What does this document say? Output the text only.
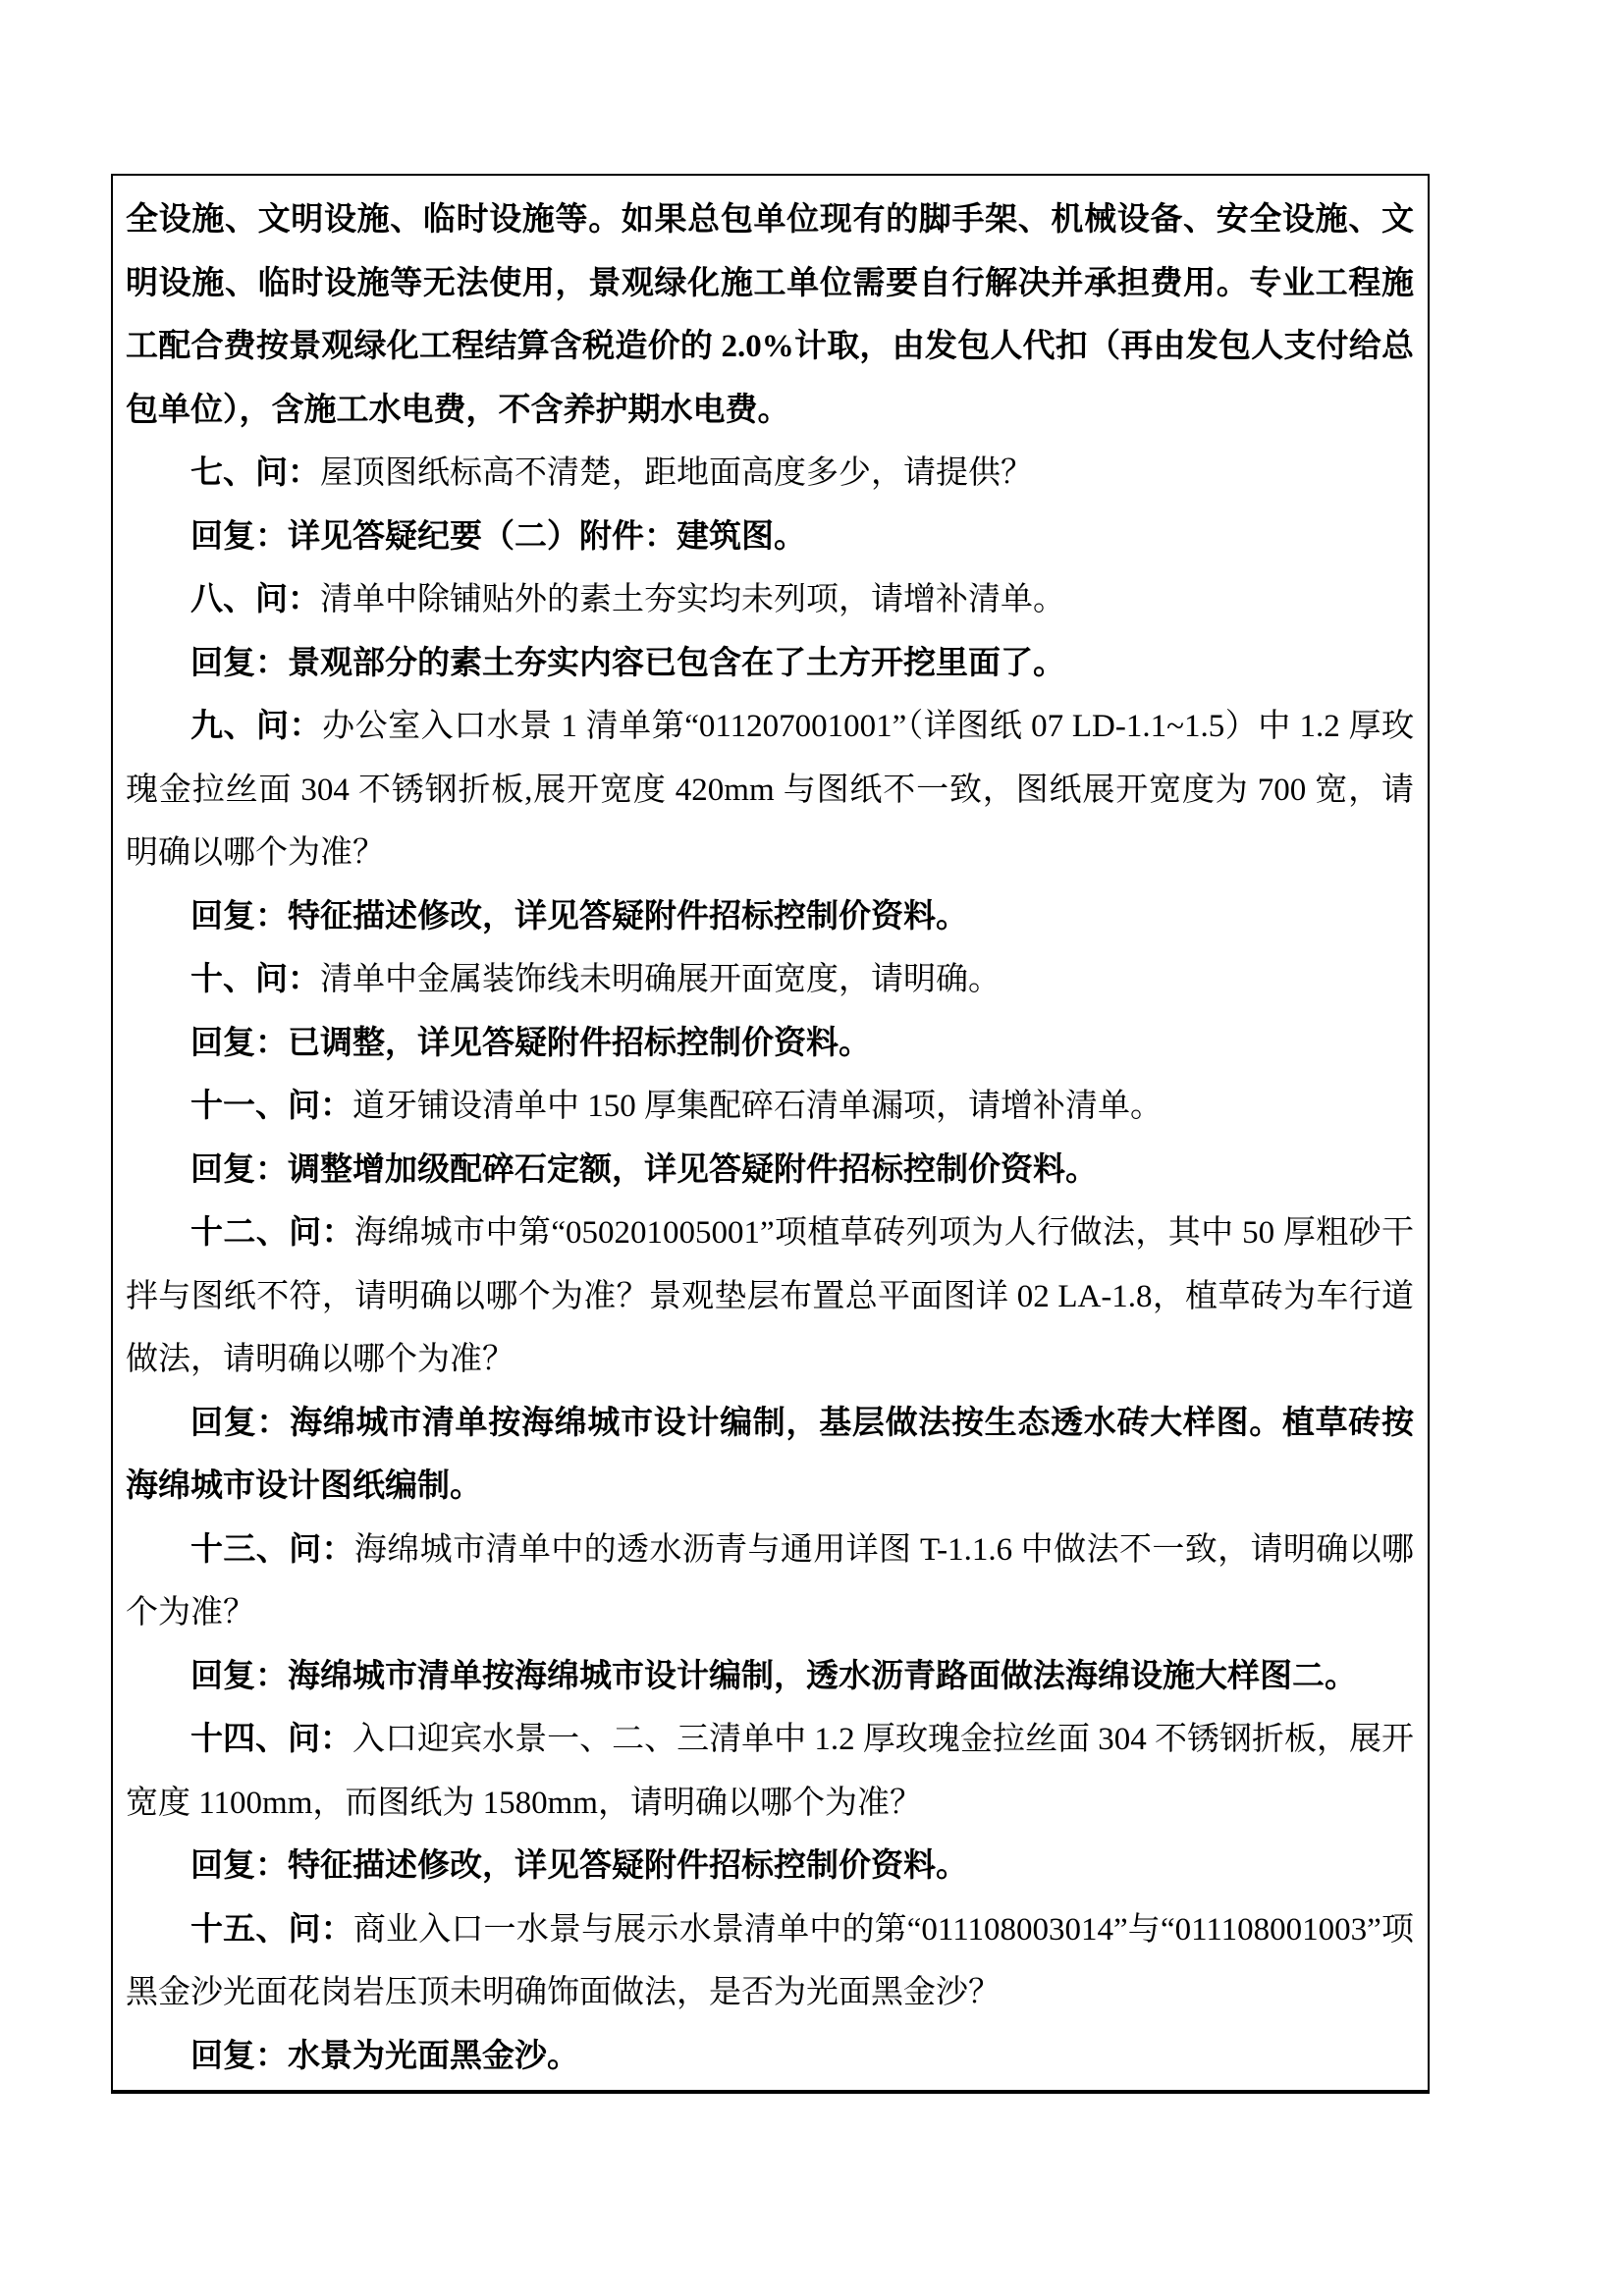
全设施、文明设施、临时设施等。如果总包单位现有的脚手架、机械设备、安全设施、文明设施、临时设施等无法使用，景观绿化施工单位需要自行解决并承担费用。专业工程施工配合费按景观绿化工程结算含税造价的 2.0%计取，由发包人代扣（再由发包人支付给总包单位），含施工水电费，不含养护期水电费。

七、问：屋顶图纸标高不清楚，距地面高度多少，请提供？

回复：详见答疑纪要（二）附件：建筑图。

八、问：清单中除铺贴外的素土夯实均未列项，请增补清单。

回复：景观部分的素土夯实内容已包含在了土方开挖里面了。

九、问：办公室入口水景 1 清单第“011207001001”（详图纸 07 LD-1.1~1.5）中 1.2 厚玫瑰金拉丝面 304 不锈钢折板,展开宽度 420mm 与图纸不一致，图纸展开宽度为 700 宽，请明确以哪个为准？

回复：特征描述修改，详见答疑附件招标控制价资料。

十、问：清单中金属装饰线未明确展开面宽度，请明确。

回复：已调整，详见答疑附件招标控制价资料。

十一、问：道牙铺设清单中 150 厚集配碎石清单漏项，请增补清单。

回复：调整增加级配碎石定额，详见答疑附件招标控制价资料。

十二、问：海绵城市中第“050201005001”项植草砖列项为人行做法，其中 50 厚粗砂干拌与图纸不符，请明确以哪个为准？景观垫层布置总平面图详 02 LA-1.8，植草砖为车行道做法，请明确以哪个为准？

回复：海绵城市清单按海绵城市设计编制，基层做法按生态透水砖大样图。植草砖按海绵城市设计图纸编制。

十三、问：海绵城市清单中的透水沥青与通用详图 T-1.1.6 中做法不一致，请明确以哪个为准？

回复：海绵城市清单按海绵城市设计编制，透水沥青路面做法海绵设施大样图二。

十四、问：入口迎宾水景一、二、三清单中 1.2 厚玫瑰金拉丝面 304 不锈钢折板，展开宽度 1100mm，而图纸为 1580mm，请明确以哪个为准？

回复：特征描述修改，详见答疑附件招标控制价资料。

十五、问：商业入口一水景与展示水景清单中的第“011108003014”与“011108001003”项黑金沙光面花岗岩压顶未明确饰面做法，是否为光面黑金沙？

回复：水景为光面黑金沙。
